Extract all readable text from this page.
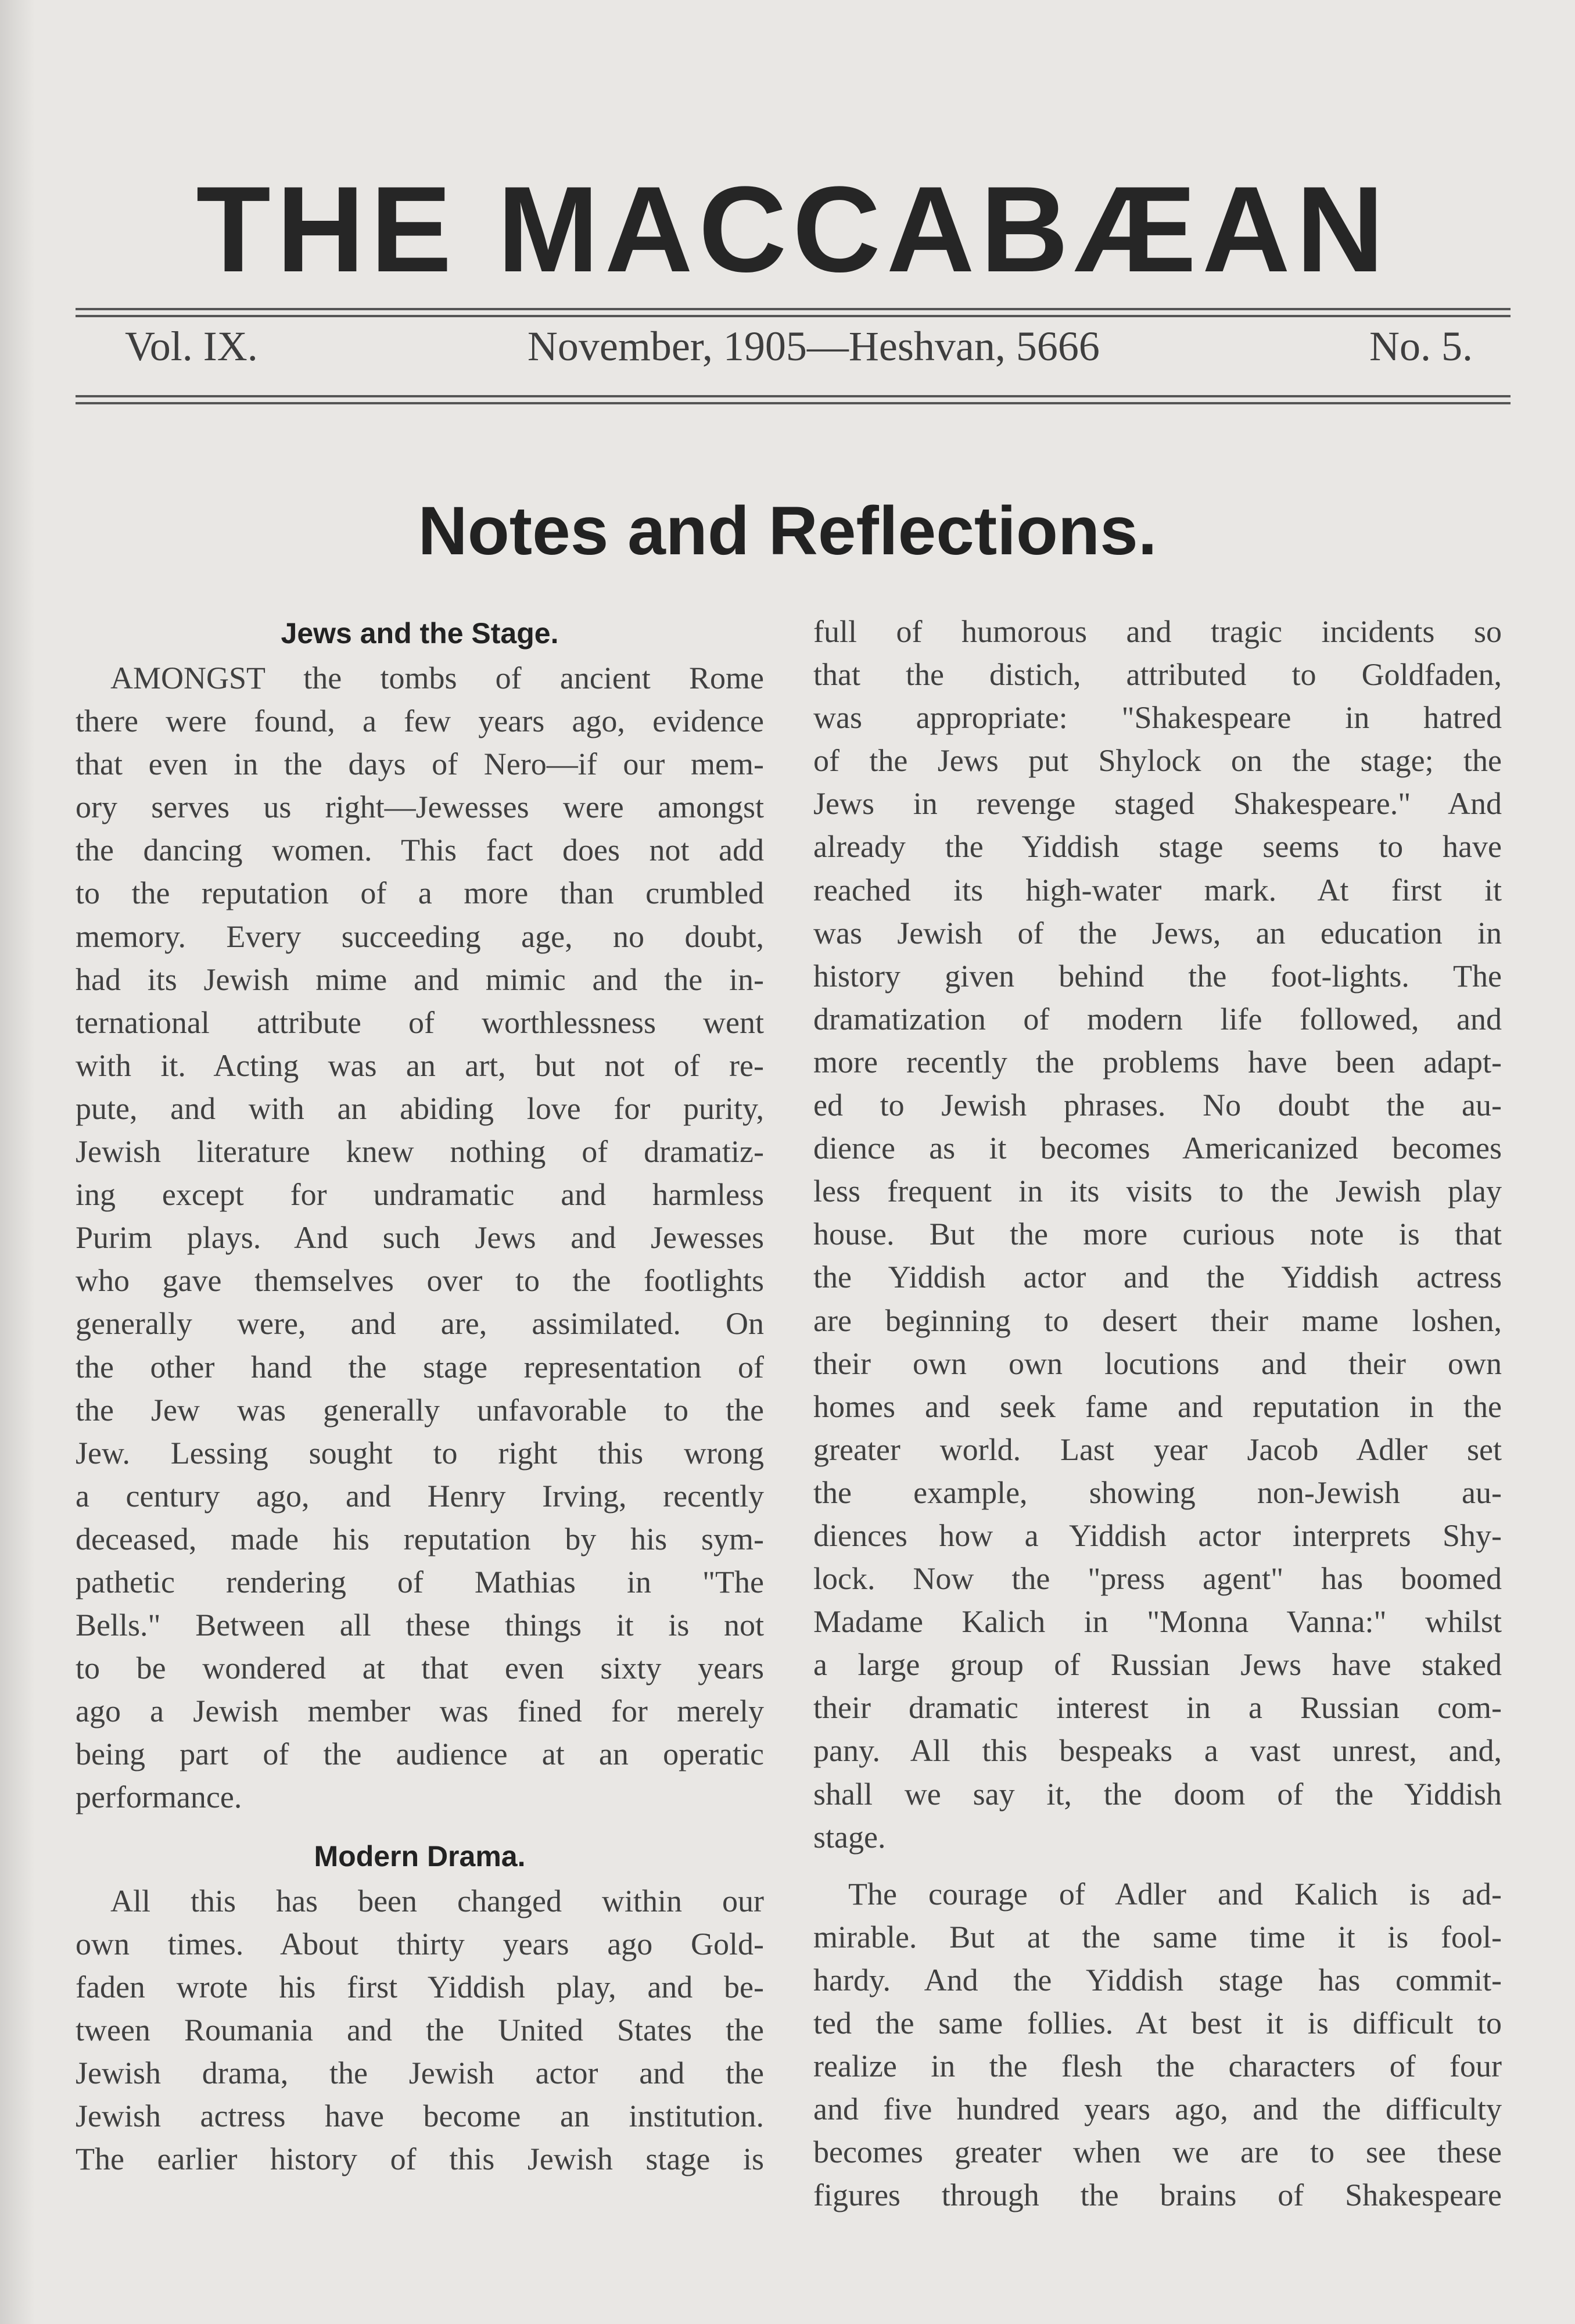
THE MACCABÆAN
Vol. IX.	November, 1905—Heshvan, 5666	No. 5.
Notes and Reflections.
Jews and the Stage.
AMONGST the tombs of ancient Rome
there were found, a few years ago, evidence
that even in the days of Nero—if our mem-
ory serves us right—Jewesses were amongst
the dancing women. This fact does not add
to the reputation of a more than crumbled
memory. Every succeeding age, no doubt,
had its Jewish mime and mimic and the in-
ternational attribute of worthlessness went
with it. Acting was an art, but not of re-
pute, and with an abiding love for purity,
Jewish literature knew nothing of dramatiz-
ing except for undramatic and harmless
Purim plays. And such Jews and Jewesses
who gave themselves over to the footlights
generally were, and are, assimilated. On
the other hand the stage representation of
the Jew was generally unfavorable to the
Jew. Lessing sought to right this wrong
a century ago, and Henry Irving, recently
deceased, made his reputation by his sym-
pathetic rendering of Mathias in "The
Bells." Between all these things it is not
to be wondered at that even sixty years
ago a Jewish member was fined for merely
being part of the audience at an operatic
performance.
Modern Drama.
All this has been changed within our
own times. About thirty years ago Gold-
faden wrote his first Yiddish play, and be-
tween Roumania and the United States the
Jewish drama, the Jewish actor and the
Jewish actress have become an institution.
The earlier history of this Jewish stage is
full of humorous and tragic incidents so
that the distich, attributed to Goldfaden,
was appropriate: "Shakespeare in hatred
of the Jews put Shylock on the stage; the
Jews in revenge staged Shakespeare." And
already the Yiddish stage seems to have
reached its high-water mark. At first it
was Jewish of the Jews, an education in
history given behind the foot-lights. The
dramatization of modern life followed, and
more recently the problems have been adapt-
ed to Jewish phrases. No doubt the au-
dience as it becomes Americanized becomes
less frequent in its visits to the Jewish play
house. But the more curious note is that
the Yiddish actor and the Yiddish actress
are beginning to desert their mame loshen,
their own own locutions and their own
homes and seek fame and reputation in the
greater world. Last year Jacob Adler set
the example, showing non-Jewish au-
diences how a Yiddish actor interprets Shy-
lock. Now the "press agent" has boomed
Madame Kalich in "Monna Vanna:" whilst
a large group of Russian Jews have staked
their dramatic interest in a Russian com-
pany. All this bespeaks a vast unrest, and,
shall we say it, the doom of the Yiddish
stage.
The courage of Adler and Kalich is ad-
mirable. But at the same time it is fool-
hardy. And the Yiddish stage has commit-
ted the same follies. At best it is difficult to
realize in the flesh the characters of four
and five hundred years ago, and the difficulty
becomes greater when we are to see these
figures through the brains of Shakespeare
